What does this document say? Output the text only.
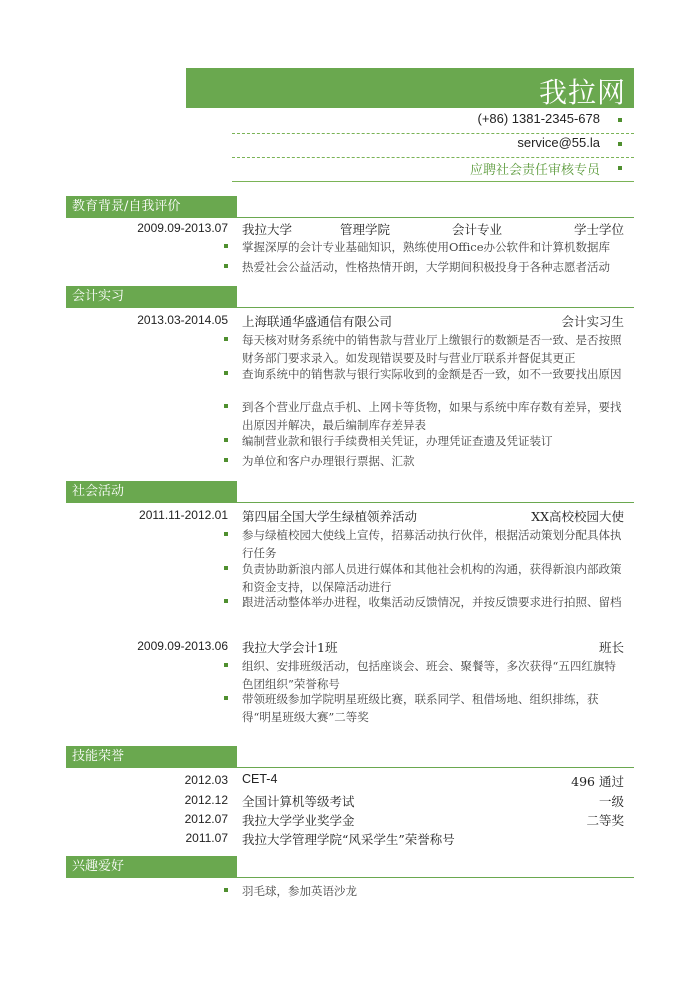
我拉网
(+86) 1381-2345-678
service@55.la
应聘社会责任审核专员
教育背景/自我评价
2009.09-2013.07 我拉大学	管理学院	会计专业	学士学位
掌握深厚的会计专业基础知识，熟练使用Office办公软件和计算机数据库
热爱社会公益活动，性格热情开朗，大学期间积极投身于各种志愿者活动
会计实习
2013.03-2014.05 上海联通华盛通信有限公司	会计实习生
每天核对财务系统中的销售款与营业厅上缴银行的数额是否一致、是否按照财务部门要求录入。如发现错误要及时与营业厅联系并督促其更正
查询系统中的销售款与银行实际收到的金额是否一致，如不一致要找出原因
到各个营业厅盘点手机、上网卡等货物，如果与系统中库存数有差异，要找出原因并解决，最后编制库存差异表
编制营业款和银行手续费相关凭证，办理凭证查遗及凭证装订
为单位和客户办理银行票据、汇款
社会活动
2011.11-2012.01 第四届全国大学生绿植领养活动	XX高校校园大使
参与绿植校园大使线上宣传，招募活动执行伙伴，根据活动策划分配具体执行任务
负责协助新浪内部人员进行媒体和其他社会机构的沟通，获得新浪内部政策和资金支持，以保障活动进行
跟进活动整体举办进程，收集活动反馈情况，并按反馈要求进行拍照、留档
2009.09-2013.06 我拉大学会计1班	班长
组织、安排班级活动，包括座谈会、班会、聚餐等，多次获得“五四红旗特色团组织”荣誉称号
带领班级参加学院明星班级比赛，联系同学、租借场地、组织排练，获得“明星班级大赛”二等奖
技能荣誉
2012.03 CET-4	496 通过
2012.12 全国计算机等级考试	一级
2012.07 我拉大学学业奖学金	二等奖
2011.07 我拉大学管理学院“风采学生”荣誉称号
兴趣爱好
羽毛球，参加英语沙龙
